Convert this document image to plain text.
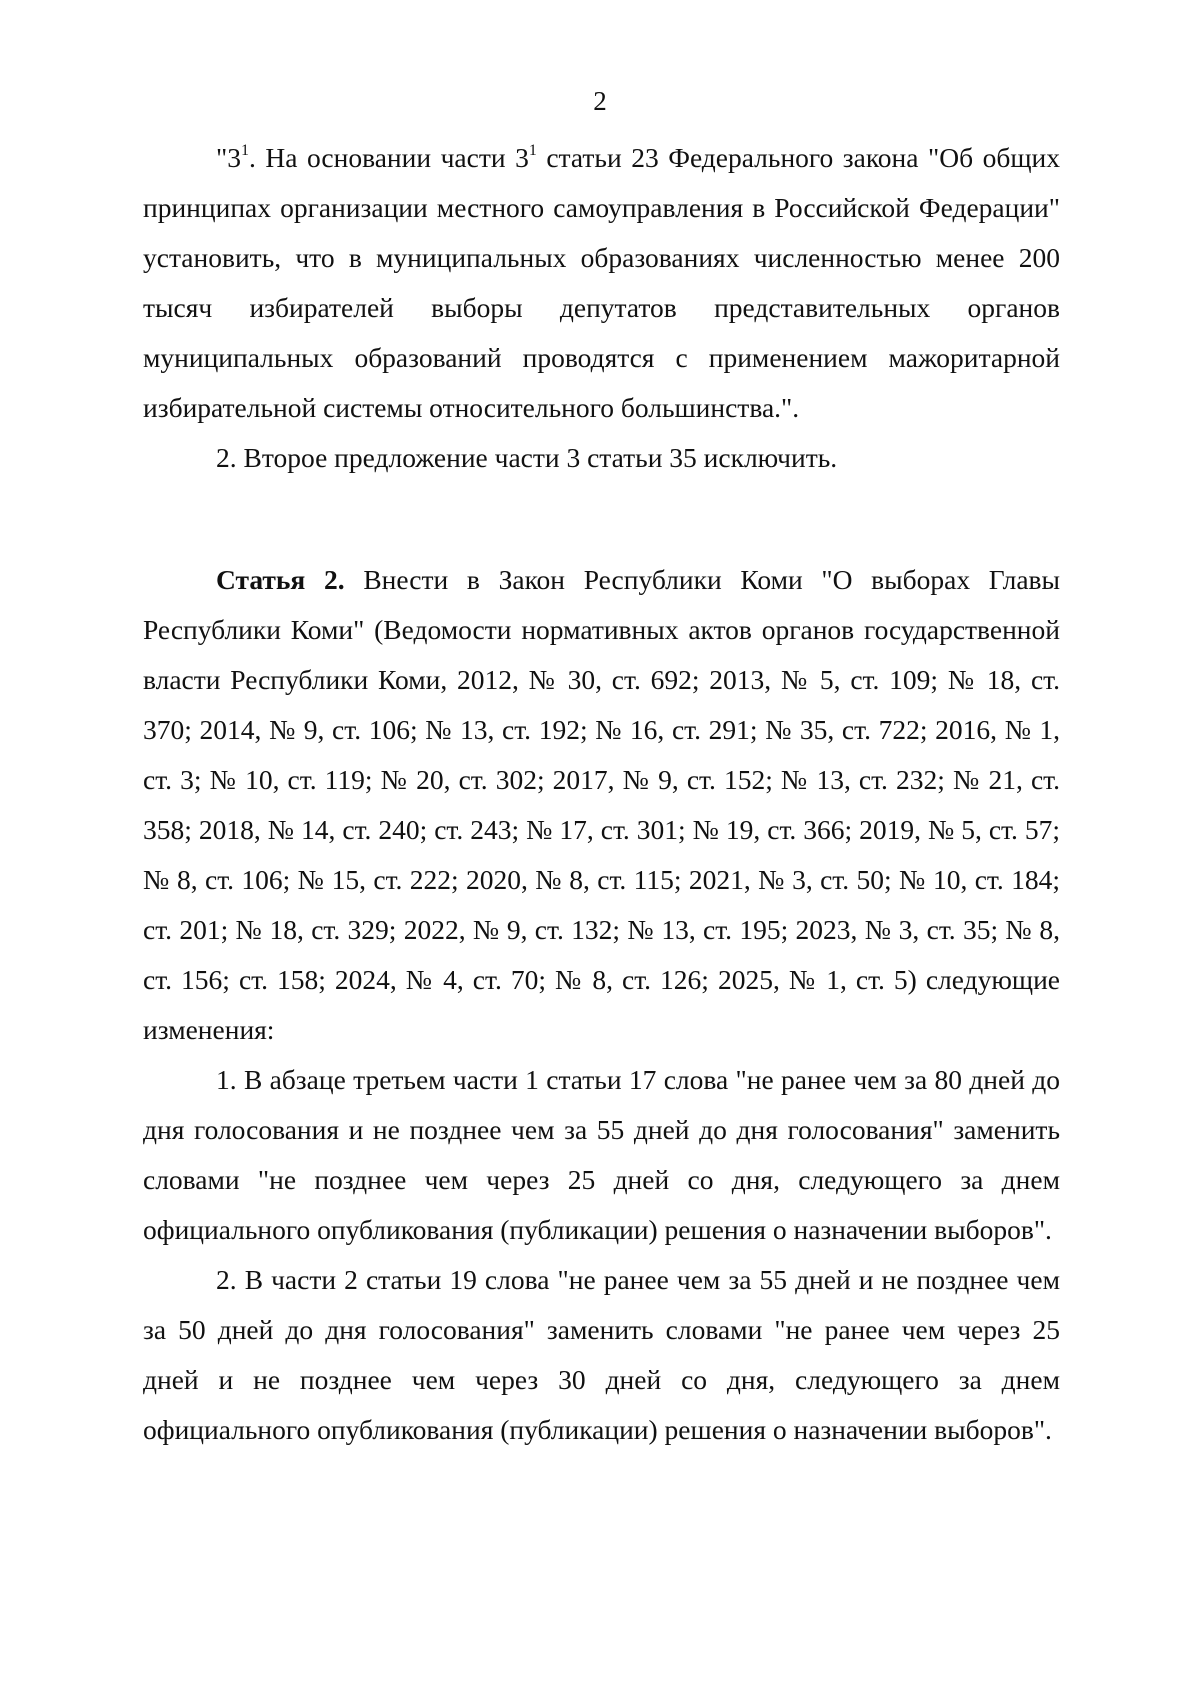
2

"$3^1$. На основании части $3^1$ статьи 23 Федерального закона "Об общих принципах организации местного самоуправления в Российской Федерации" установить, что в муниципальных образованиях численностью менее 200 тысяч избирателей выборы депутатов представительных органов муниципальных образований проводятся с применением мажоритарной избирательной системы относительного большинства.".

2. Второе предложение части 3 статьи 35 исключить.

Статья 2. Внести в Закон Республики Коми "О выборах Главы Республики Коми" (Ведомости нормативных актов органов государственной власти Республики Коми, 2012, № 30, ст. 692; 2013, № 5, ст. 109; № 18, ст. 370; 2014, № 9, ст. 106; № 13, ст. 192; № 16, ст. 291; № 35, ст. 722; 2016, № 1, ст. 3; № 10, ст. 119; № 20, ст. 302; 2017, № 9, ст. 152; № 13, ст. 232; № 21, ст. 358; 2018, № 14, ст. 240; ст. 243; № 17, ст. 301; № 19, ст. 366; 2019, № 5, ст. 57; № 8, ст. 106; № 15, ст. 222; 2020, № 8, ст. 115; 2021, № 3, ст. 50; № 10, ст. 184; ст. 201; № 18, ст. 329; 2022, № 9, ст. 132; № 13, ст. 195; 2023, № 3, ст. 35; № 8, ст. 156; ст. 158; 2024, № 4, ст. 70; № 8, ст. 126; 2025, № 1, ст. 5) следующие изменения:

1. В абзаце третьем части 1 статьи 17 слова "не ранее чем за 80 дней до дня голосования и не позднее чем за 55 дней до дня голосования" заменить словами "не позднее чем через 25 дней со дня, следующего за днем официального опубликования (публикации) решения о назначении выборов".

2. В части 2 статьи 19 слова "не ранее чем за 55 дней и не позднее чем за 50 дней до дня голосования" заменить словами "не ранее чем через 25 дней и не позднее чем через 30 дней со дня, следующего за днем официального опубликования (публикации) решения о назначении выборов".
